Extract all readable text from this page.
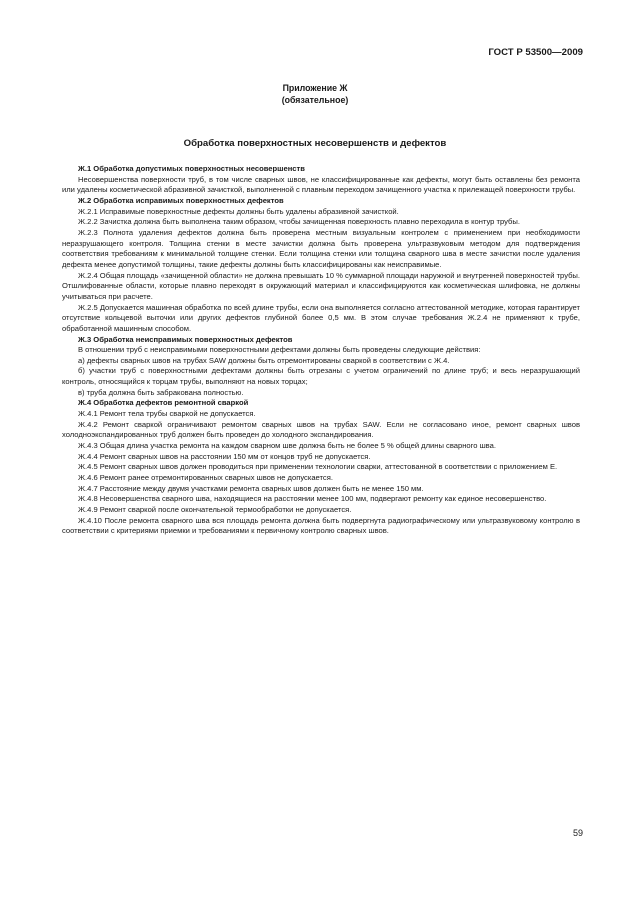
ГОСТ Р 53500—2009
Приложение Ж
(обязательное)
Обработка поверхностных несовершенств и дефектов
Ж.1 Обработка допустимых поверхностных несовершенств

Несовершенства поверхности труб, в том числе сварных швов, не классифицированные как дефекты, могут быть оставлены без ремонта или удалены косметической абразивной зачисткой, выполненной с плавным переходом зачищенного участка к прилежащей поверхности трубы.

Ж.2 Обработка исправимых поверхностных дефектов

Ж.2.1 Исправимые поверхностные дефекты должны быть удалены абразивной зачисткой.

Ж.2.2 Зачистка должна быть выполнена таким образом, чтобы зачищенная поверхность плавно переходила в контур трубы.

Ж.2.3 Полнота удаления дефектов должна быть проверена местным визуальным контролем с применением при необходимости неразрушающего контроля. Толщина стенки в месте зачистки должна быть проверена ультразвуковым методом для подтверждения соответствия требованиям к минимальной толщине стенки. Если толщина стенки или толщина сварного шва в месте зачистки после удаления дефекта менее допустимой толщины, такие дефекты должны быть классифицированы как неисправимые.

Ж.2.4 Общая площадь «зачищенной области» не должна превышать 10 % суммарной площади наружной и внутренней поверхностей трубы. Отшлифованные области, которые плавно переходят в окружающий материал и классифицируются как косметическая шлифовка, не должны учитываться при расчете.

Ж.2.5 Допускается машинная обработка по всей длине трубы, если она выполняется согласно аттестованной методике, которая гарантирует отсутствие кольцевой выточки или других дефектов глубиной более 0,5 мм. В этом случае требования Ж.2.4 не применяют к трубе, обработанной машинным способом.

Ж.3 Обработка неисправимых поверхностных дефектов

В отношении труб с неисправимыми поверхностными дефектами должны быть проведены следующие действия:

а) дефекты сварных швов на трубах SAW должны быть отремонтированы сваркой в соответствии с Ж.4.

б) участки труб с поверхностными дефектами должны быть отрезаны с учетом ограничений по длине труб; и весь неразрушающий контроль, относящийся к торцам трубы, выполняют на новых торцах;

в) труба должна быть забракована полностью.

Ж.4 Обработка дефектов ремонтной сваркой

Ж.4.1 Ремонт тела трубы сваркой не допускается.

Ж.4.2 Ремонт сваркой ограничивают ремонтом сварных швов на трубах SAW. Если не согласовано иное, ремонт сварных швов холодноэкспандированных труб должен быть проведен до холодного экспандирования.

Ж.4.3 Общая длина участка ремонта на каждом сварном шве должна быть не более 5 % общей длины сварного шва.

Ж.4.4 Ремонт сварных швов на расстоянии 150 мм от концов труб не допускается.

Ж.4.5 Ремонт сварных швов должен проводиться при применении технологии сварки, аттестованной в соответствии с приложением Е.

Ж.4.6 Ремонт ранее отремонтированных сварных швов не допускается.

Ж.4.7 Расстояние между двумя участками ремонта сварных швов должен быть не менее 150 мм.

Ж.4.8 Несовершенства сварного шва, находящиеся на расстоянии менее 100 мм, подвергают ремонту как единое несовершенство.

Ж.4.9 Ремонт сваркой после окончательной термообработки не допускается.

Ж.4.10 После ремонта сварного шва вся площадь ремонта должна быть подвергнута радиографическому или ультразвуковому контролю в соответствии с критериями приемки и требованиями к первичному контролю сварных швов.

59
